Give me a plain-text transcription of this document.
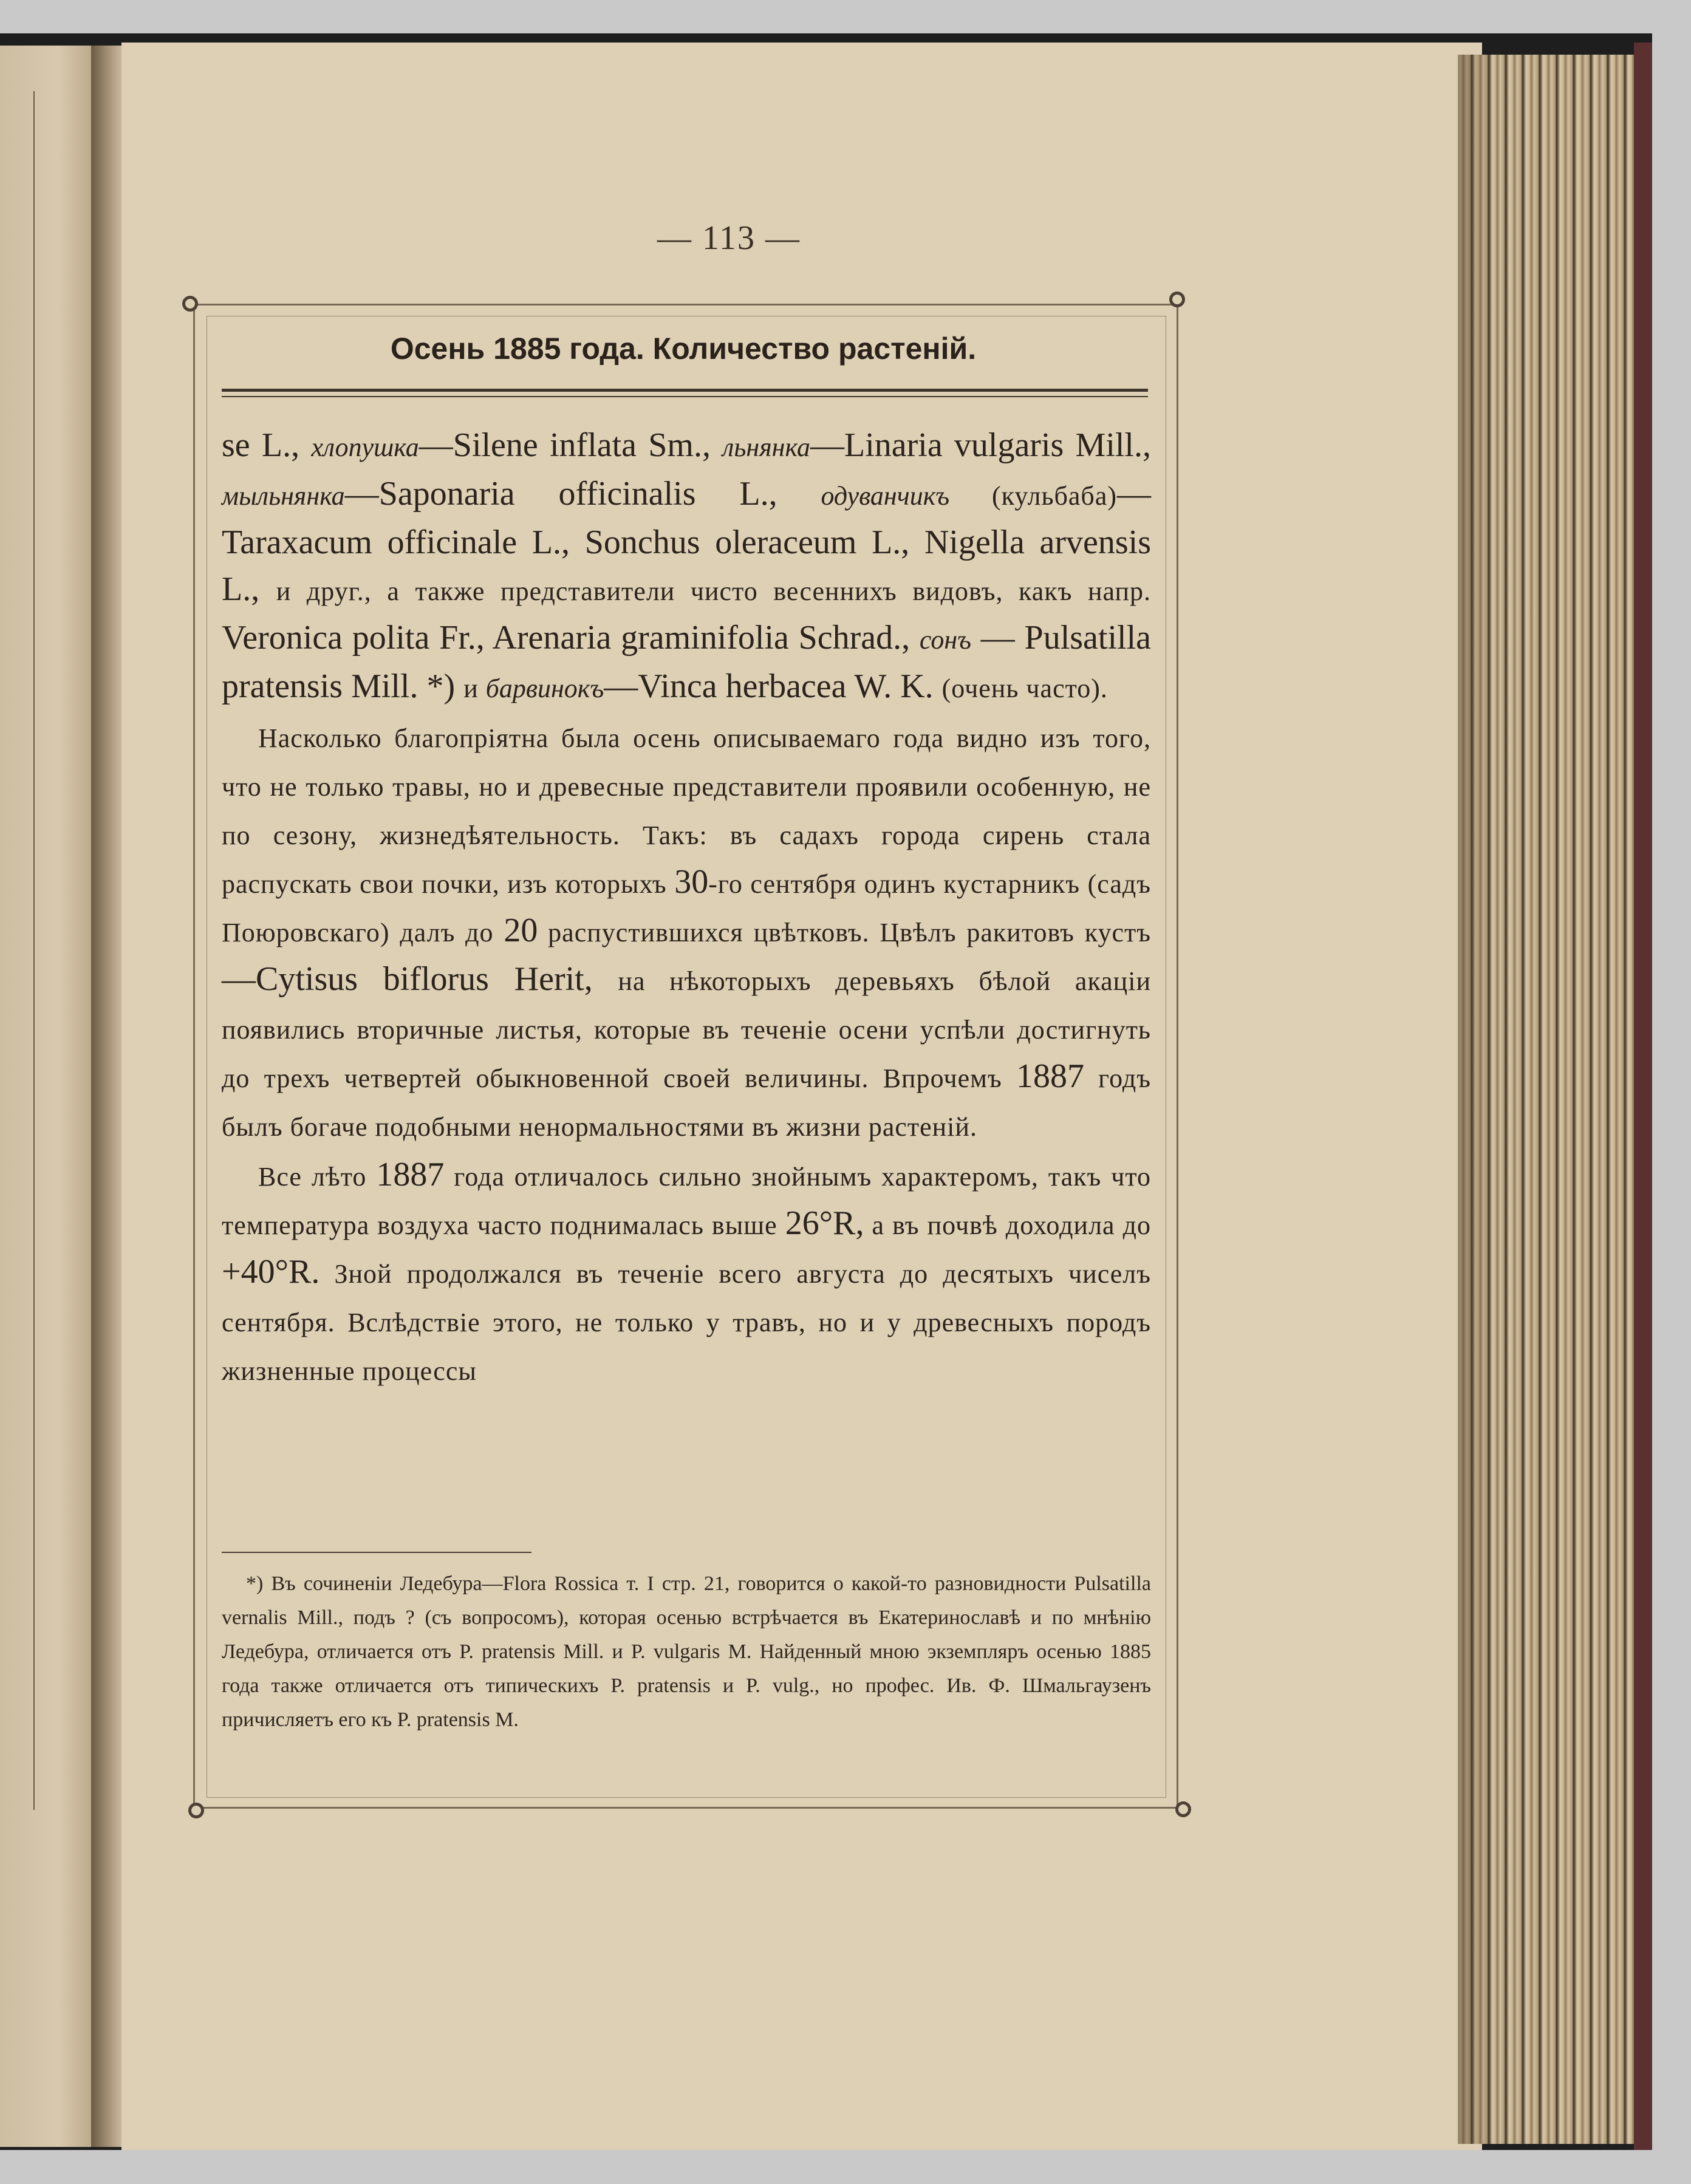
— 113 —
Осень 1885 года. Количество растеній.

se L., хлопушка—Silene inflata Sm., льнянка—Linaria vulgaris Mill., мыльнянка—Saponaria officinalis L., одуванчикъ (кульбаба)—Taraxacum officinale L., Sonchus oleraceum L., Nigella arvensis L., и друг., а также представители чисто весеннихъ видовъ, какъ напр. Veronica polita Fr., Arenaria graminifolia Schrad., сонъ — Pulsatilla pratensis Mill. *) и барвинокъ—Vinca herbacea W. K. (очень часто).

Насколько благопріятна была осень описываемаго года видно изъ того, что не только травы, но и древесные представители проявили особенную, не по сезону, жизнедѣятельность. Такъ: въ садахъ города сирень стала распускать свои почки, изъ которыхъ 30-го сентября одинъ кустарникъ (садъ Поюровскаго) далъ до 20 распустившихся цвѣтковъ. Цвѣлъ ракитовъ кустъ—Cytisus biflorus Herit, на нѣкоторыхъ деревьяхъ бѣлой акаціи появились вторичные листья, которые въ теченіе осени успѣли достигнуть до трехъ четвертей обыкновенной своей величины. Впрочемъ 1887 годъ былъ богаче подобными ненормальностями въ жизни растеній.

Все лѣто 1887 года отличалось сильно знойнымъ характеромъ, такъ что температура воздуха часто поднималась выше 26°R, а въ почвѣ доходила до +40°R. Зной продолжался въ теченіе всего августа до десятыхъ чиселъ сентября. Вслѣдствіе этого, не только у травъ, но и у древесныхъ породъ жизненные процессы

*) Въ сочиненіи Ледебура—Flora Rossica т. I стр. 21, говорится о какой-то разновидности Pulsatilla vernalis Mill., подъ ? (съ вопросомъ), которая осенью встрѣчается въ Екатеринославѣ и по мнѣнію Ледебура, отличается отъ P. pratensis Mill. и P. vulgaris M. Найденный мною экземпляръ осенью 1885 года также отличается отъ типическихъ P. pratensis и P. vulg., но профес. Ив. Ф. Шмальгаузенъ причисляетъ его къ P. pratensis M.
